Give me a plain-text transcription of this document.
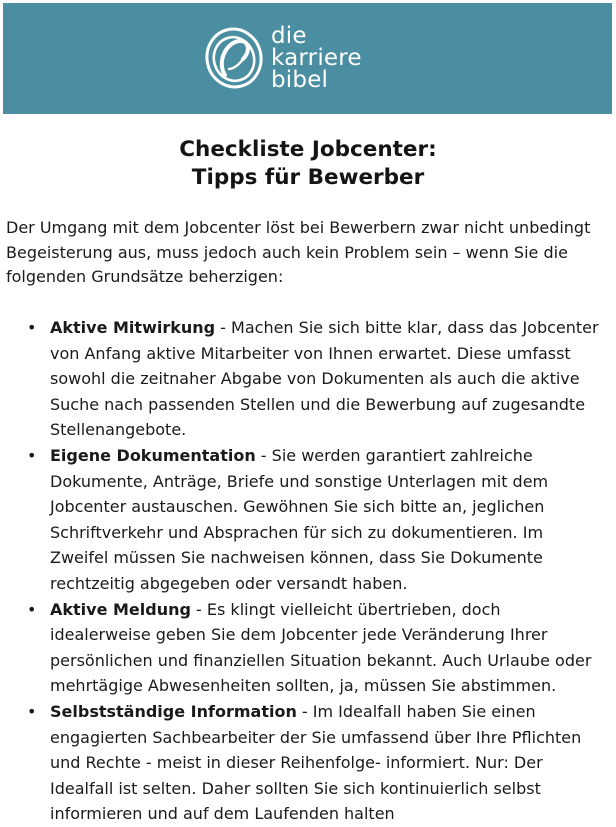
die
karriere
bibel
Checkliste Jobcenter:
Tipps für Bewerber

Der Umgang mit dem Jobcenter löst bei Bewerbern zwar nicht unbedingt Begeisterung aus, muss jedoch auch kein Problem sein – wenn Sie die folgenden Grundsätze beherzigen:

• Aktive Mitwirkung - Machen Sie sich bitte klar, dass das Jobcenter von Anfang aktive Mitarbeiter von Ihnen erwartet. Diese umfasst sowohl die zeitnaher Abgabe von Dokumenten als auch die aktive Suche nach passenden Stellen und die Bewerbung auf zugesandte Stellenangebote.
• Eigene Dokumentation - Sie werden garantiert zahlreiche Dokumente, Anträge, Briefe und sonstige Unterlagen mit dem Jobcenter austauschen. Gewöhnen Sie sich bitte an, jeglichen Schriftverkehr und Absprachen für sich zu dokumentieren. Im Zweifel müssen Sie nachweisen können, dass Sie Dokumente rechtzeitig abgegeben oder versandt haben.
• Aktive Meldung - Es klingt vielleicht übertrieben, doch idealerweise geben Sie dem Jobcenter jede Veränderung Ihrer persönlichen und finanziellen Situation bekannt. Auch Urlaube oder mehrtägige Abwesenheiten sollten, ja, müssen Sie abstimmen.
• Selbstständige Information - Im Idealfall haben Sie einen engagierten Sachbearbeiter der Sie umfassend über Ihre Pflichten und Rechte - meist in dieser Reihenfolge- informiert. Nur: Der Idealfall ist selten. Daher sollten Sie sich kontinuierlich selbst informieren und auf dem Laufenden halten
